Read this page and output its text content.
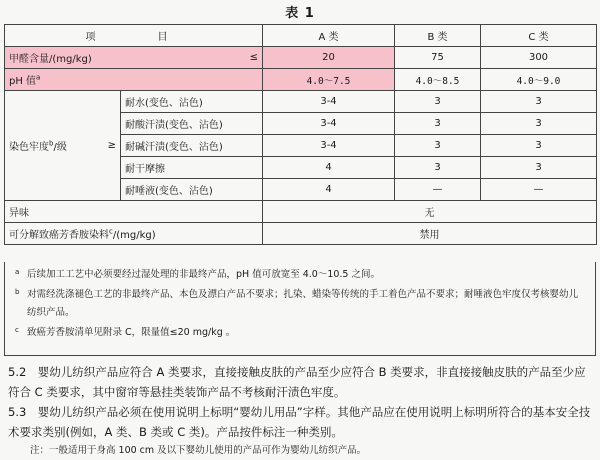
表 1
项　　目		A 类	B 类	C 类

甲醛含量/(mg/kg) ≤		20	75	300
pH 值$^a$		4.0～7.5	4.0～8.5	4.0～9.0

染色牢度$^b$/级 ≥	耐水(变色、沾色)	3-4	3	3
	耐酸汗渍(变色、沾色)	3-4	3	3
	耐碱汗渍(变色、沾色)	3-4	3	3
	耐干摩擦	4	3	3
	耐唾液(变色、沾色)	4	—	—
异味		无		
可分解致癌芳香胺染料$^c$/(mg/kg)		禁用		

a 后续加工工艺中必须要经过湿处理的非最终产品，pH 值可放宽至 4.0～10.5 之间。

b 对需经洗涤褪色工艺的非最终产品、本色及漂白产品不要求；扎染、蜡染等传统的手工着色产品不要求；耐唾液色牢度仅考核婴幼儿纺织产品。

c 致癌芳香胺清单见附录 C，限量值≤20 mg/kg 。

5.2　婴幼儿纺织产品应符合 A 类要求，直接接触皮肤的产品至少应符合 B 类要求，非直接接触皮肤的产品至少应符合 C 类要求，其中窗帘等悬挂类装饰产品不考核耐汗渍色牢度。

5.3　婴幼儿纺织产品必须在使用说明上标明“婴幼儿用品”字样。其他产品应在使用说明上标明所符合的基本安全技术要求类别(例如，A 类、B 类或 C 类)。产品按件标注一种类别。

注：一般适用于身高 100 cm 及以下婴幼儿使用的产品可作为婴幼儿纺织产品。
